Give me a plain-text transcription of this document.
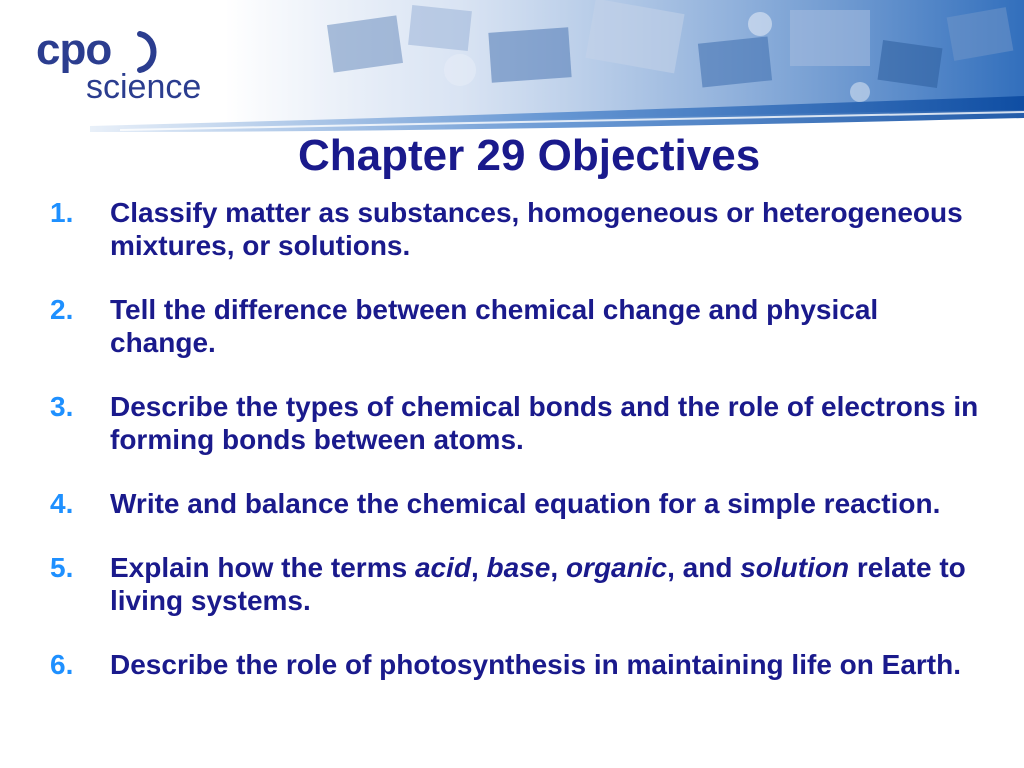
cpo
science
Chapter 29 Objectives
1. Classify matter as substances, homogeneous or heterogeneous mixtures, or solutions.
2. Tell the difference between chemical change and physical change.
3. Describe the types of chemical bonds and the role of electrons in forming bonds between atoms.
4. Write and balance the chemical equation for a simple reaction.
5. Explain how the terms acid, base, organic, and solution relate to living systems.
6. Describe the role of photosynthesis in maintaining life on Earth.
